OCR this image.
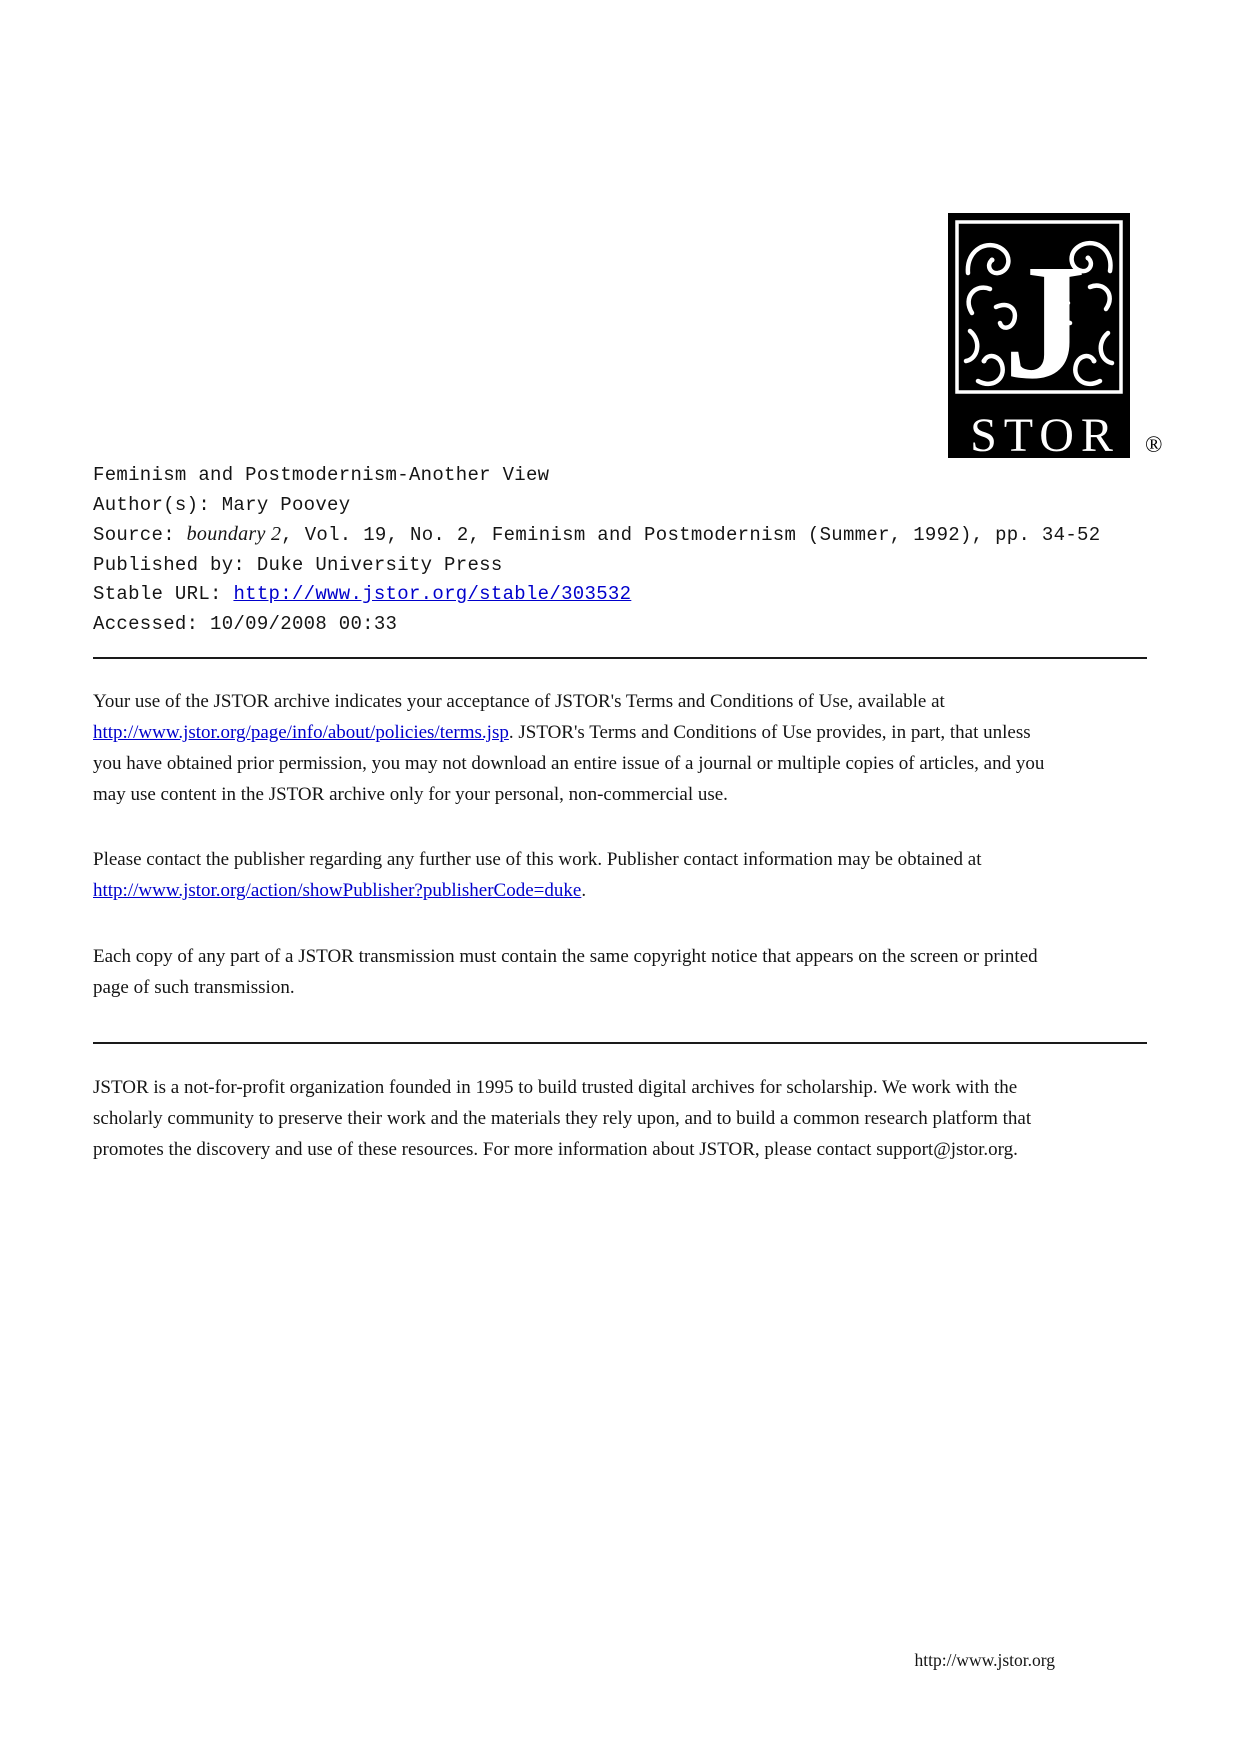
J
STOR ®
Feminism and Postmodernism-Another View
Author(s): Mary Poovey
Source: boundary 2, Vol. 19, No. 2, Feminism and Postmodernism (Summer, 1992), pp. 34-52
Published by: Duke University Press
Stable URL: http://www.jstor.org/stable/303532
Accessed: 10/09/2008 00:33

Your use of the JSTOR archive indicates your acceptance of JSTOR's Terms and Conditions of Use, available at http://www.jstor.org/page/info/about/policies/terms.jsp. JSTOR's Terms and Conditions of Use provides, in part, that unless you have obtained prior permission, you may not download an entire issue of a journal or multiple copies of articles, and you may use content in the JSTOR archive only for your personal, non-commercial use.

Please contact the publisher regarding any further use of this work. Publisher contact information may be obtained at http://www.jstor.org/action/showPublisher?publisherCode=duke.

Each copy of any part of a JSTOR transmission must contain the same copyright notice that appears on the screen or printed page of such transmission.

JSTOR is a not-for-profit organization founded in 1995 to build trusted digital archives for scholarship. We work with the scholarly community to preserve their work and the materials they rely upon, and to build a common research platform that promotes the discovery and use of these resources. For more information about JSTOR, please contact support@jstor.org.

http://www.jstor.org
